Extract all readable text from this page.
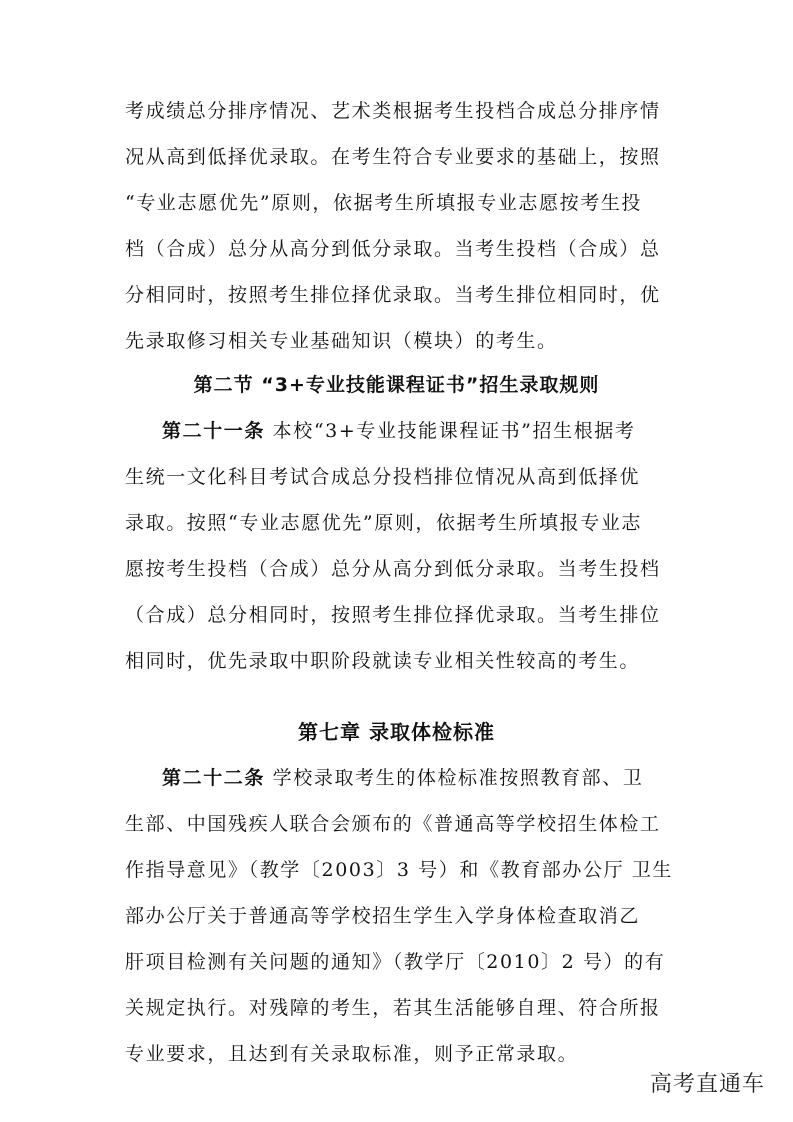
考成绩总分排序情况、艺术类根据考生投档合成总分排序情
况从高到低择优录取。在考生符合专业要求的基础上，按照
“专业志愿优先”原则，依据考生所填报专业志愿按考生投
档（合成）总分从高分到低分录取。当考生投档（合成）总
分相同时，按照考生排位择优录取。当考生排位相同时，优
先录取修习相关专业基础知识（模块）的考生。
第二节 “3+专业技能课程证书”招生录取规则
第二十一条 本校“3+专业技能课程证书”招生根据考
生统一文化科目考试合成总分投档排位情况从高到低择优
录取。按照“专业志愿优先”原则，依据考生所填报专业志
愿按考生投档（合成）总分从高分到低分录取。当考生投档
（合成）总分相同时，按照考生排位择优录取。当考生排位
相同时，优先录取中职阶段就读专业相关性较高的考生。
第七章 录取体检标准
第二十二条 学校录取考生的体检标准按照教育部、卫
生部、中国残疾人联合会颁布的《普通高等学校招生体检工
作指导意见》（教学〔2003〕3 号）和《教育部办公厅 卫生
部办公厅关于普通高等学校招生学生入学身体检查取消乙
肝项目检测有关问题的通知》（教学厅〔2010〕2 号）的有
关规定执行。对残障的考生，若其生活能够自理、符合所报
专业要求，且达到有关录取标准，则予正常录取。
高考直通车
